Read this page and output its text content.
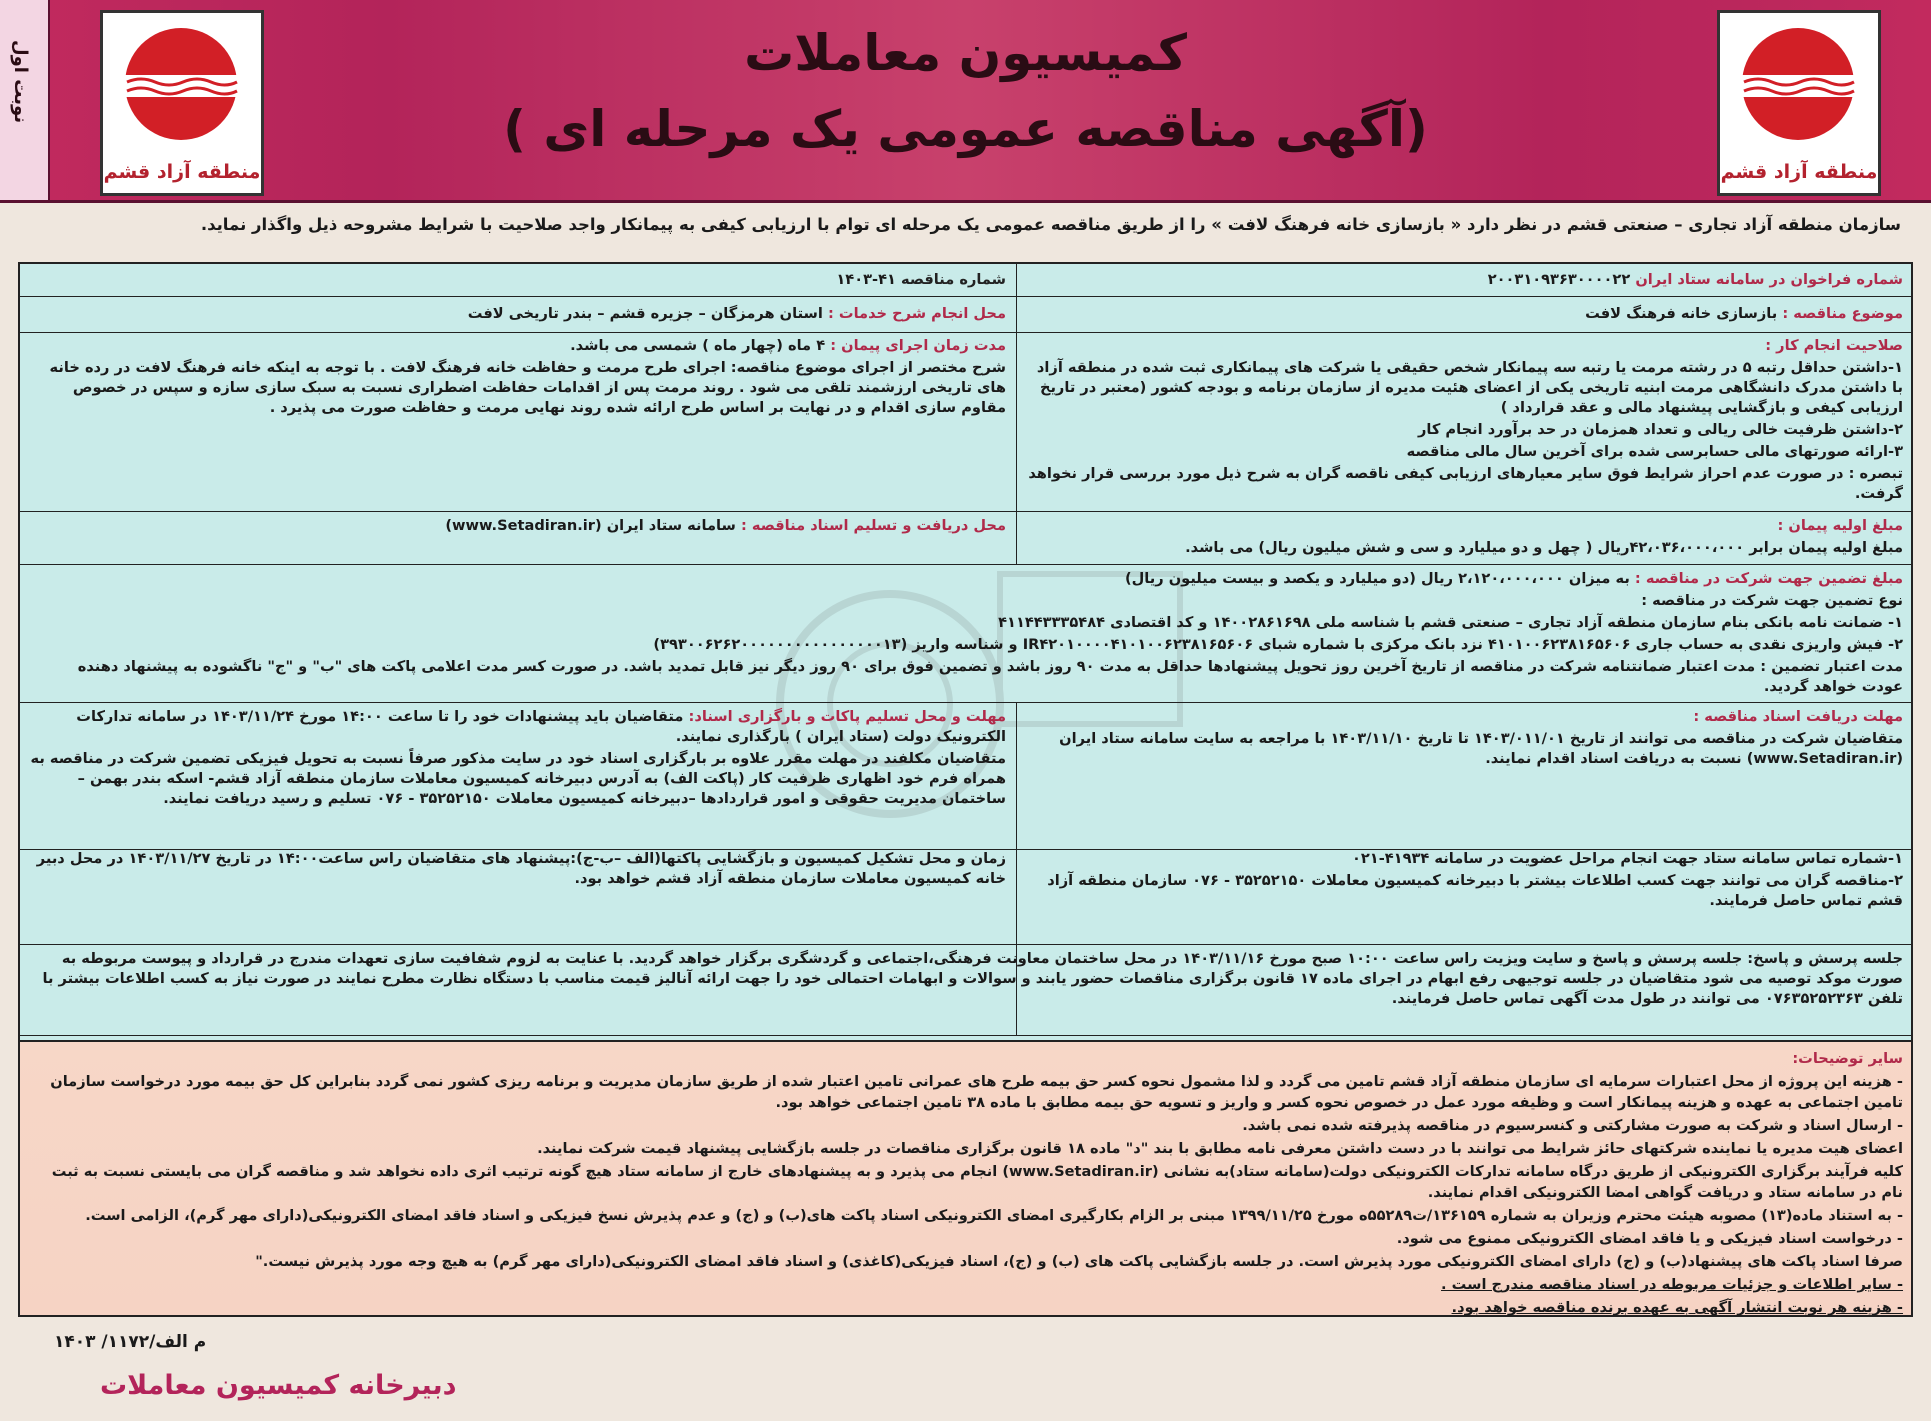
نوبت اول
منطقه آزاد قشم	منطقه آزاد قشم
کمیسیون معاملات
(آگهی مناقصه عمومی یک مرحله ای )
سازمان منطقه آزاد تجاری – صنعتی قشم در نظر دارد « بازسازی خانه فرهنگ لافت » را از طریق مناقصه عمومی یک مرحله ای توام با ارزیابی کیفی به پیمانکار واجد صلاحیت با شرایط مشروحه ذیل واگذار نماید.
شماره فراخوان در سامانه ستاد ایران ۲۰۰۳۱۰۹۳۶۳۰۰۰۰۲۲
شماره مناقصه ۴۱-۱۴۰۳
موضوع مناقصه : بازسازی خانه فرهنگ لافت
محل انجام شرح خدمات : استان هرمزگان – جزیره قشم – بندر تاریخی لافت

صلاحیت انجام کار :

۱-داشتن حداقل رتبه ۵ در رشته مرمت یا رتبه سه پیمانکار شخص حقیقی یا شرکت های پیمانکاری ثبت شده در منطقه آزاد با داشتن مدرک دانشگاهی مرمت ابنیه تاریخی یکی از اعضای هئیت مدیره از سازمان برنامه و بودجه کشور (معتبر در تاریخ ارزیابی کیفی و بازگشایی پیشنهاد مالی و عقد قرارداد )

۲-داشتن ظرفیت خالی ریالی و تعداد همزمان در حد برآورد انجام کار

۳-ارائه صورتهای مالی حسابرسی شده برای آخرین سال مالی مناقصه

تبصره : در صورت عدم احراز شرایط فوق سایر معیارهای ارزیابی کیفی ناقصه گران به شرح ذیل مورد بررسی قرار نخواهد گرفت.

مدت زمان اجرای پیمان : ۴ ماه (چهار ماه ) شمسی می باشد.

شرح مختصر از اجرای موضوع مناقصه: اجرای طرح مرمت و حفاظت خانه فرهنگ لافت . با توجه به اینکه خانه فرهنگ لافت در رده خانه های تاریخی ارزشمند تلقی می شود . روند مرمت پس از اقدامات حفاظت اضطراری نسبت به سبک سازی سازه و سپس در خصوص مقاوم سازی اقدام و در نهایت بر اساس طرح ارائه شده روند نهایی مرمت و حفاظت صورت می پذیرد .

مبلغ اولیه پیمان :

مبلغ اولیه پیمان برابر ۴۲،۰۳۶،۰۰۰،۰۰۰ریال ( چهل و دو میلیارد و سی و شش میلیون ریال) می باشد.

محل دریافت و تسلیم اسناد مناقصه : سامانه ستاد ایران (www.Setadiran.ir)

مبلغ تضمین جهت شرکت در مناقصه : به میزان ۲،۱۲۰،۰۰۰،۰۰۰ ریال (دو میلیارد و یکصد و بیست میلیون ریال)

نوع تضمین جهت شرکت در مناقصه :

۱- ضمانت نامه بانکی بنام سازمان منطقه آزاد تجاری – صنعتی قشم با شناسه ملی ۱۴۰۰۲۸۶۱۶۹۸ و کد اقتصادی ۴۱۱۴۴۳۳۳۵۴۸۴

۲- فیش واریزی نقدی به حساب جاری ۴۱۰۱۰۰۶۲۳۸۱۶۵۶۰۶ نزد بانک مرکزی با شماره شبای IR۴۲۰۱۰۰۰۰۴۱۰۱۰۰۶۲۳۸۱۶۵۶۰۶ و شناسه واریز (۳۹۳۰۰۶۲۶۲۰۰۰۰۰۰۰۰۰۰۰۰۰۰۰۰۱۳)

مدت اعتبار تضمین : مدت اعتبار ضمانتنامه شرکت در مناقصه از تاریخ آخرین روز تحویل پیشنهادها حداقل به مدت ۹۰ روز باشد و تضمین فوق برای ۹۰ روز دیگر نیز قابل تمدید باشد. در صورت کسر مدت اعلامی پاکت های "ب" و "ج" ناگشوده به پیشنهاد دهنده عودت خواهد گردید.

مهلت دریافت اسناد مناقصه :

متقاضیان شرکت در مناقصه می توانند از تاریخ ۱۴۰۳/۰۱۱/۰۱ تا تاریخ ۱۴۰۳/۱۱/۱۰ با مراجعه به سایت سامانه ستاد ایران (www.Setadiran.ir) نسبت به دریافت اسناد اقدام نمایند.

مهلت و محل تسلیم پاکات و بارگزاری اسناد: متقاضیان باید پیشنهادات خود را تا ساعت ۱۴:۰۰ مورخ ۱۴۰۳/۱۱/۲۴ در سامانه تدارکات الکترونیک دولت (ستاد ایران ) بارگذاری نمایند.

متقاضیان مکلفند در مهلت مقرر علاوه بر بارگزاری اسناد خود در سایت مذکور صرفاً نسبت به تحویل فیزیکی تضمین شرکت در مناقصه به همراه فرم خود اظهاری ظرفیت کار (پاکت الف) به آدرس دبیرخانه کمیسیون معاملات سازمان منطقه آزاد قشم- اسکه بندر بهمن –ساختمان مدیریت حقوقی و امور قراردادها –دبیرخانه کمیسیون معاملات ۳۵۲۵۲۱۵۰ - ۰۷۶ تسلیم و رسید دریافت نمایند.

۱-شماره تماس سامانه ستاد جهت انجام مراحل عضویت در سامانه ۴۱۹۳۴-۰۲۱

۲-مناقصه گران می توانند جهت کسب اطلاعات بیشتر با دبیرخانه کمیسیون معاملات ۳۵۲۵۲۱۵۰ - ۰۷۶ سازمان منطقه آزاد قشم تماس حاصل فرمایند.

زمان و محل تشکیل کمیسیون و بازگشایی پاکتها(الف –ب-ج):پیشنهاد های متقاضیان راس ساعت۱۴:۰۰ در تاریخ ۱۴۰۳/۱۱/۲۷ در محل دبیر خانه کمیسیون معاملات سازمان منطقه آزاد قشم خواهد بود.

جلسه پرسش و پاسخ: جلسه پرسش و پاسخ و سایت ویزیت راس ساعت ۱۰:۰۰ صبح مورخ ۱۴۰۳/۱۱/۱۶ در محل ساختمان معاونت فرهنگی،اجتماعی و گردشگری برگزار خواهد گردید. با عنایت به لزوم شفافیت سازی تعهدات مندرج در قرارداد و پیوست مربوطه به صورت موکد توصیه می شود متقاضیان در جلسه توجیهی رفع ابهام در اجرای ماده ۱۷ قانون برگزاری مناقصات حضور یابند و سوالات و ابهامات احتمالی خود را جهت ارائه آنالیز قیمت مناسب با دستگاه نظارت مطرح نمایند در صورت نیاز به کسب اطلاعات بیشتر با تلفن ۰۷۶۳۵۲۵۲۳۶۳ می توانند در طول مدت آگهی تماس حاصل فرمایند.

سایر توضیحات:

- هزینه این پروژه از محل اعتبارات سرمایه ای سازمان منطقه آزاد قشم تامین می گردد و لذا مشمول نحوه کسر حق بیمه طرح های عمرانی تامین اعتبار شده از طریق سازمان مدیریت و برنامه ریزی کشور نمی گردد بنابراین کل حق بیمه مورد درخواست سازمان تامین اجتماعی به عهده و هزینه پیمانکار است و وظیفه مورد عمل در خصوص نحوه کسر و واریز و تسویه حق بیمه مطابق با ماده ۳۸ تامین اجتماعی خواهد بود.

- ارسال اسناد و شرکت به صورت مشارکتی و کنسرسیوم در مناقصه پذیرفته شده نمی باشد.

اعضای هیت مدیره یا نماینده شرکتهای حائز شرایط می توانند با در دست داشتن معرفی نامه مطابق با بند "د" ماده ۱۸ قانون برگزاری مناقصات در جلسه بازگشایی پیشنهاد قیمت شرکت نمایند.

کلیه فرآیند برگزاری الکترونیکی از طریق درگاه سامانه تدارکات الکترونیکی دولت(سامانه ستاد)به نشانی (www.Setadiran.ir) انجام می پذیرد و به پیشنهادهای خارج از سامانه ستاد هیچ گونه ترتیب اثری داده نخواهد شد و مناقصه گران می بایستی نسبت به ثبت نام در سامانه ستاد و دریافت گواهی امضا الکترونیکی اقدام نمایند.

- به استناد ماده(۱۳) مصوبه هیئت محترم وزیران به شماره ۱۳۶۱۵۹/ت۵۵۲۸۹ه مورخ ۱۳۹۹/۱۱/۲۵ مبنی بر الزام بکارگیری امضای الکترونیکی اسناد پاکت های(ب) و (ج) و عدم پذیرش نسخ فیزیکی و اسناد فاقد امضای الکترونیکی(دارای مهر گرم)، الزامی است.

- درخواست اسناد فیزیکی و یا فاقد امضای الکترونیکی ممنوع می شود.

صرفا اسناد پاکت های پیشنهاد(ب) و (ج) دارای امضای الکترونیکی مورد پذیرش است. در جلسه بازگشایی پاکت های (ب) و (ج)، اسناد فیزیکی(کاغذی) و اسناد فاقد امضای الکترونیکی(دارای مهر گرم) به هیچ وجه مورد پذیرش نیست."

- سایر اطلاعات و جزئیات مربوطه در اسناد مناقصه مندرج است .

- هزینه هر نوبت انتشار آگهی به عهده برنده مناقصه خواهد بود.

م الف/۱۱۷۲/ ۱۴۰۳
دبیرخانه کمیسیون معاملات
